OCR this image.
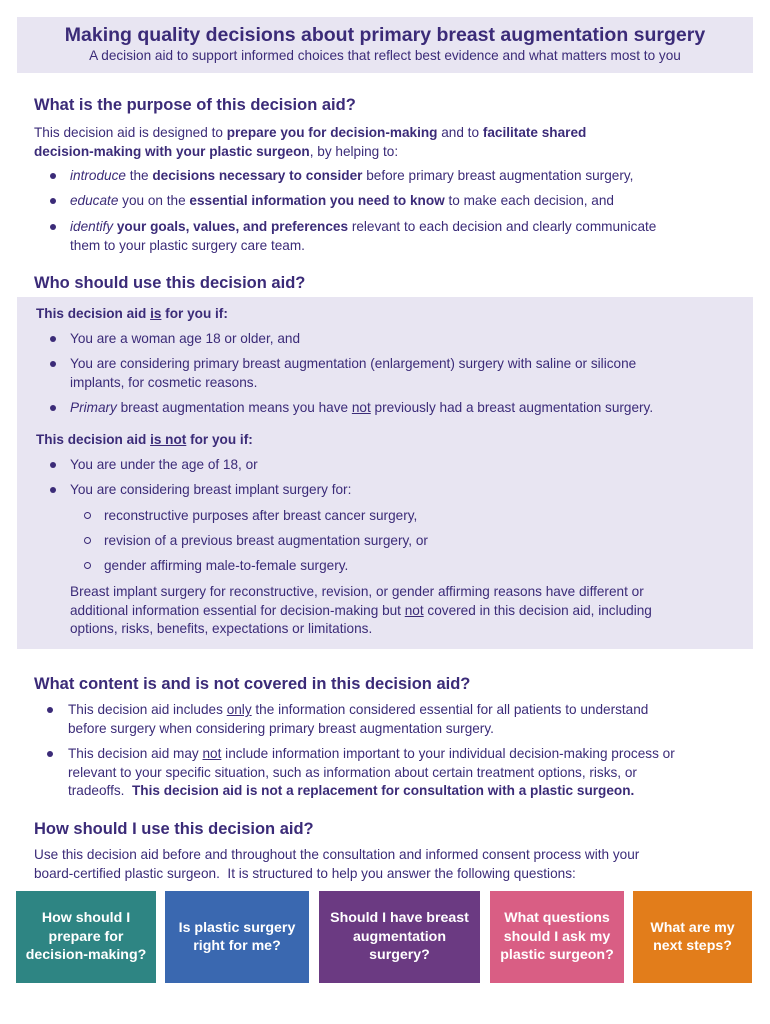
Making quality decisions about primary breast augmentation surgery
A decision aid to support informed choices that reflect best evidence and what matters most to you
What is the purpose of this decision aid?
This decision aid is designed to prepare you for decision-making and to facilitate shared
decision-making with your plastic surgeon, by helping to:
introduce the decisions necessary to consider before primary breast augmentation surgery,
educate you on the essential information you need to know to make each decision, and
identify your goals, values, and preferences relevant to each decision and clearly communicate
them to your plastic surgery care team.
Who should use this decision aid?
This decision aid is for you if:
You are a woman age 18 or older, and
You are considering primary breast augmentation (enlargement) surgery with saline or silicone
implants, for cosmetic reasons.
Primary breast augmentation means you have not previously had a breast augmentation surgery.
This decision aid is not for you if:
You are under the age of 18, or
You are considering breast implant surgery for:
reconstructive purposes after breast cancer surgery,
revision of a previous breast augmentation surgery, or
gender affirming male-to-female surgery.
Breast implant surgery for reconstructive, revision, or gender affirming reasons have different or
additional information essential for decision-making but not covered in this decision aid, including
options, risks, benefits, expectations or limitations.
What content is and is not covered in this decision aid?
This decision aid includes only the information considered essential for all patients to understand
before surgery when considering primary breast augmentation surgery.
This decision aid may not include information important to your individual decision-making process or
relevant to your specific situation, such as information about certain treatment options, risks, or
tradeoffs.  This decision aid is not a replacement for consultation with a plastic surgeon.
How should I use this decision aid?
Use this decision aid before and throughout the consultation and informed consent process with your
board-certified plastic surgeon.  It is structured to help you answer the following questions:
How should I prepare for decision-making?
Is plastic surgery right for me?
Should I have breast augmentation surgery?
What questions should I ask my plastic surgeon?
What are my next steps?
